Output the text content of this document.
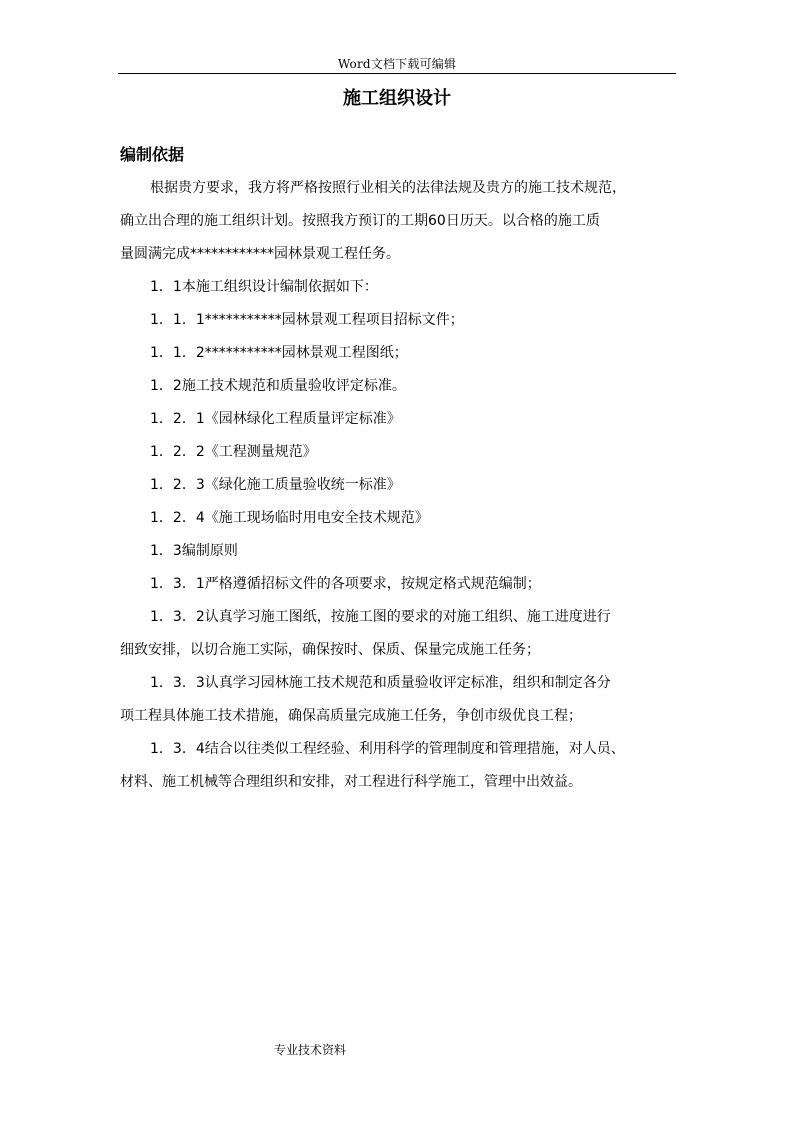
Word文档下载可编辑
施工组织设计
编制依据
根据贵方要求，我方将严格按照行业相关的法律法规及贵方的施工技术规范，
确立出合理的施工组织计划。按照我方预订的工期60日历天。以合格的施工质
量圆满完成************园林景观工程任务。
1．1本施工组织设计编制依据如下：
1．1．1***********园林景观工程项目招标文件；
1．1．2***********园林景观工程图纸；
1．2施工技术规范和质量验收评定标准。
1．2．1《园林绿化工程质量评定标准》
1．2．2《工程测量规范》
1．2．3《绿化施工质量验收统一标准》
1．2．4《施工现场临时用电安全技术规范》
1．3编制原则
1．3．1严格遵循招标文件的各项要求，按规定格式规范编制；
1．3．2认真学习施工图纸，按施工图的要求的对施工组织、施工进度进行
细致安排，以切合施工实际，确保按时、保质、保量完成施工任务；
1．3．3认真学习园林施工技术规范和质量验收评定标准，组织和制定各分
项工程具体施工技术措施，确保高质量完成施工任务，争创市级优良工程；
1．3．4结合以往类似工程经验、利用科学的管理制度和管理措施，对人员、
材料、施工机械等合理组织和安排，对工程进行科学施工，管理中出效益。
专业技术资料
